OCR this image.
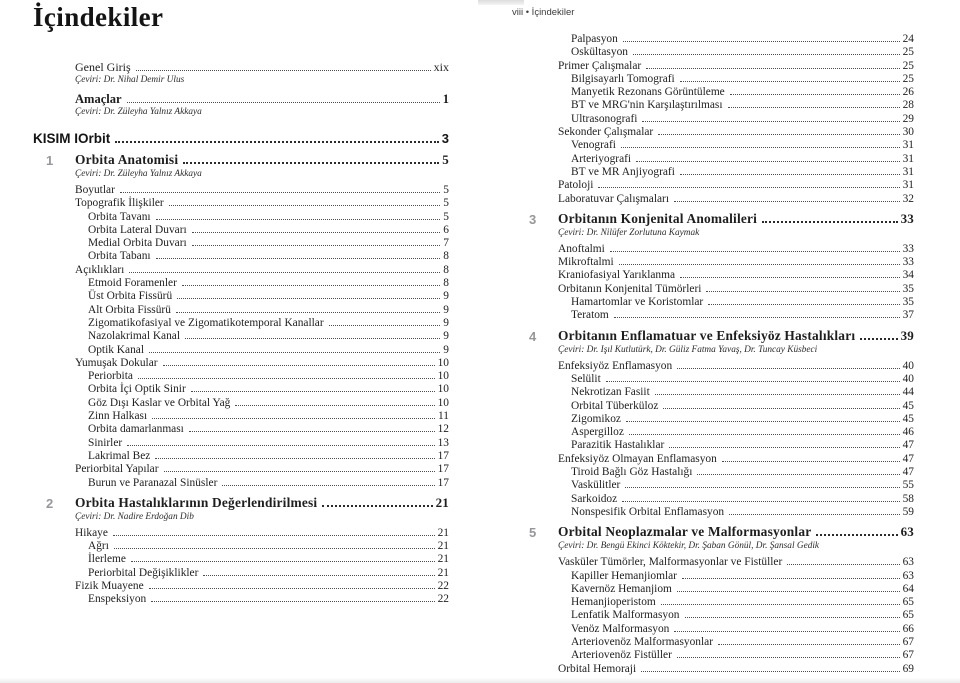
İçindekiler
Genel Giriş	xix
Çeviri: Dr. Nihal Demir Ulus
Amaçlar	1
Çeviri: Dr. Züleyha Yalnız Akkaya
KISIM I Orbit	3
1 Orbita Anatomisi	5
Çeviri: Dr. Züleyha Yalnız Akkaya
Boyutlar	5
Topografik İlişkiler	5
Orbita Tavanı	5
Orbita Lateral Duvarı	6
Medial Orbita Duvarı	7
Orbita Tabanı	8
Açıklıkları	8
Etmoid Foramenler	8
Üst Orbita Fissürü	9
Alt Orbita Fissürü	9
Zigomatikofasiyal ve Zigomatikotemporal Kanallar	9
Nazolakrimal Kanal	9
Optik Kanal	9
Yumuşak Dokular	10
Periorbita	10
Orbita İçi Optik Sinir	10
Göz Dışı Kaslar ve Orbital Yağ	10
Zinn Halkası	11
Orbita damarlanması	12
Sinirler	13
Lakrimal Bez	17
Periorbital Yapılar	17
Burun ve Paranazal Sinüsler	17
2 Orbita Hastalıklarının Değerlendirilmesi	21
Çeviri: Dr. Nadire Erdoğan Dib
Hikaye	21
Ağrı	21
İlerleme	21
Periorbital Değişiklikler	21
Fizik Muayene	22
Enspeksiyon	22
viii • İçindekiler
Palpasyon	24
Oskültasyon	25
Primer Çalışmalar	25
Bilgisayarlı Tomografi	25
Manyetik Rezonans Görüntüleme	26
BT ve MRG'nin Karşılaştırılması	28
Ultrasonografi	29
Sekonder Çalışmalar	30
Venografi	31
Arteriyografi	31
BT ve MR Anjiyografi	31
Patoloji	31
Laboratuvar Çalışmaları	32
3 Orbitanın Konjenital Anomalileri	33
Çeviri: Dr. Nilüfer Zorlutuna Kaymak
Anoftalmi	33
Mikroftalmi	33
Kraniofasiyal Yarıklanma	34
Orbitanın Konjenital Tümörleri	35
Hamartomlar ve Koristomlar	35
Teratom	37
4 Orbitanın Enflamatuar ve Enfeksiyöz Hastalıkları	39
Çeviri: Dr. Işıl Kutlutürk, Dr. Güliz Fatma Yavaş, Dr. Tuncay Küsbeci
Enfeksiyöz Enflamasyon	40
Selülit	40
Nekrotizan Fasiit	44
Orbital Tüberküloz	45
Zigomikoz	45
Aspergilloz	46
Parazitik Hastalıklar	47
Enfeksiyöz Olmayan Enflamasyon	47
Tiroid Bağlı Göz Hastalığı	47
Vaskülitler	55
Sarkoidoz	58
Nonspesifik Orbital Enflamasyon	59
5 Orbital Neoplazmalar ve Malformasyonlar	63
Çeviri: Dr. Bengü Ekinci Köktekir, Dr. Şaban Gönül, Dr. Şansal Gedik
Vasküler Tümörler, Malformasyonlar ve Fistüller	63
Kapiller Hemanjiomlar	63
Kavernöz Hemanjiom	64
Hemanjioperistom	65
Lenfatik Malformasyon	65
Venöz Malformasyon	66
Arteriovenöz Malformasyonlar	67
Arteriovenöz Fistüller	67
Orbital Hemoraji	69
